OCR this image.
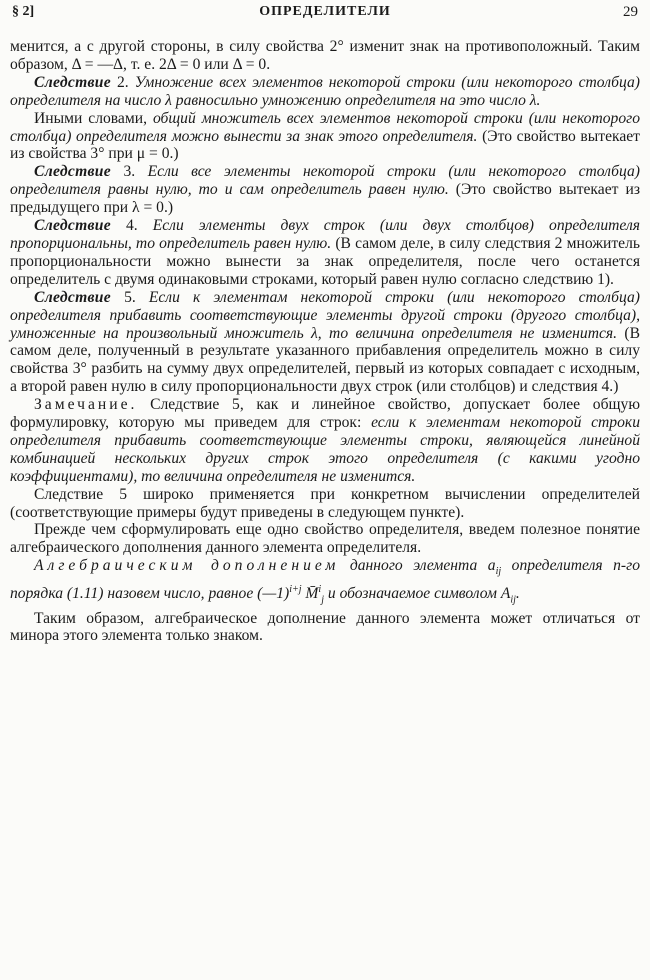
§ 2]	ОПРЕДЕЛИТЕЛИ	29

менится, а с другой стороны, в силу свойства 2° изменит знак на противоположный. Таким образом, Δ = —Δ, т. е. 2Δ = 0 или Δ = 0.

Следствие 2. Умножение всех элементов некоторой строки (или некоторого столбца) определителя на число λ равносильно умножению определителя на это число λ.

Иными словами, общий множитель всех элементов некоторой строки (или некоторого столбца) определителя можно вынести за знак этого определителя. (Это свойство вытекает из свойства 3° при μ = 0.)

Следствие 3. Если все элементы некоторой строки (или некоторого столбца) определителя равны нулю, то и сам определитель равен нулю. (Это свойство вытекает из предыдущего при λ = 0.)

Следствие 4. Если элементы двух строк (или двух столбцов) определителя пропорциональны, то определитель равен нулю. (В самом деле, в силу следствия 2 множитель пропорциональности можно вынести за знак определителя, после чего останется определитель с двумя одинаковыми строками, который равен нулю согласно следствию 1).

Следствие 5. Если к элементам некоторой строки (или некоторого столбца) определителя прибавить соответствующие элементы другой строки (другого столбца), умноженные на произвольный множитель λ, то величина определителя не изменится. (В самом деле, полученный в результате указанного прибавления определитель можно в силу свойства 3° разбить на сумму двух определителей, первый из которых совпадает с исходным, а второй равен нулю в силу пропорциональности двух строк (или столбцов) и следствия 4.)

Замечание. Следствие 5, как и линейное свойство, допускает более общую формулировку, которую мы приведем для строк: если к элементам некоторой строки определителя прибавить соответствующие элементы строки, являющейся линейной комбинацией нескольких других строк этого определителя (с какими угодно коэффициентами), то величина определителя не изменится.

Следствие 5 широко применяется при конкретном вычислении определителей (соответствующие примеры будут приведены в следующем пункте).

Прежде чем сформулировать еще одно свойство определителя, введем полезное понятие алгебраического дополнения данного элемента определителя.

Алгебраическим дополнением данного элемента $a_{ij}$ определителя n-го порядка (1.11) назовем число, равное (—1)$^{i+j}$ M̄$^i_j$ и обозначаемое символом $A_{ij}$.

Таким образом, алгебраическое дополнение данного элемента может отличаться от минора этого элемента только знаком.
